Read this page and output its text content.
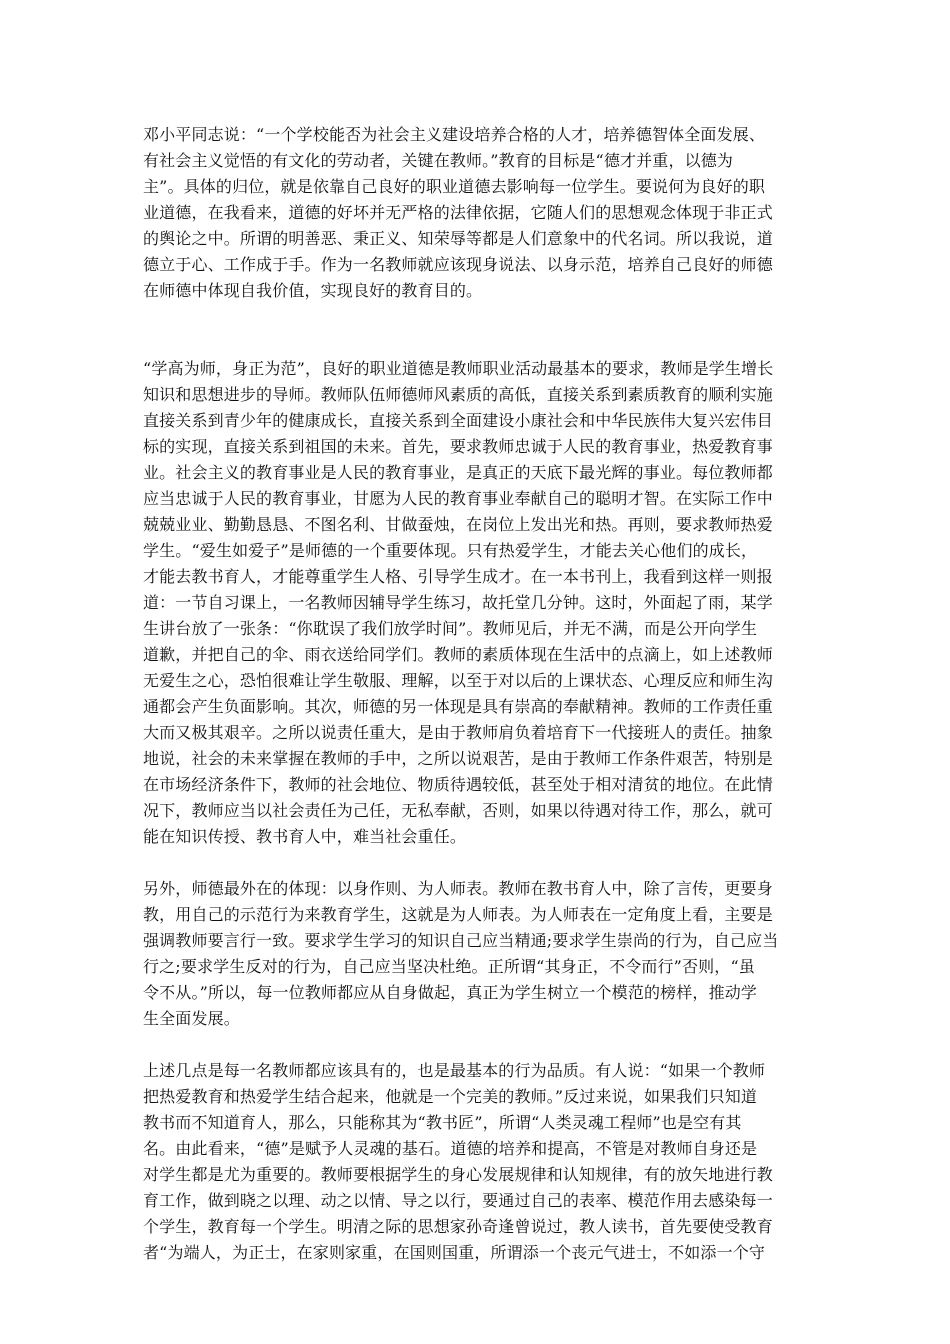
邓小平同志说：“一个学校能否为社会主义建设培养合格的人才，培养德智体全面发展、
有社会主义觉悟的有文化的劳动者，关键在教师。”教育的目标是“德才并重，以德为
主”。具体的归位，就是依靠自己良好的职业道德去影响每一位学生。要说何为良好的职
业道德，在我看来，道德的好坏并无严格的法律依据，它随人们的思想观念体现于非正式
的舆论之中。所谓的明善恶、秉正义、知荣辱等都是人们意象中的代名词。所以我说，道
德立于心、工作成于手。作为一名教师就应该现身说法、以身示范，培养自己良好的师德
在师德中体现自我价值，实现良好的教育目的。

“学高为师，身正为范”，良好的职业道德是教师职业活动最基本的要求，教师是学生增长
知识和思想进步的导师。教师队伍师德师风素质的高低，直接关系到素质教育的顺利实施
直接关系到青少年的健康成长，直接关系到全面建设小康社会和中华民族伟大复兴宏伟目
标的实现，直接关系到祖国的未来。首先，要求教师忠诚于人民的教育事业，热爱教育事
业。社会主义的教育事业是人民的教育事业，是真正的天底下最光辉的事业。每位教师都
应当忠诚于人民的教育事业，甘愿为人民的教育事业奉献自己的聪明才智。在实际工作中
兢兢业业、勤勤恳恳、不图名利、甘做蚕烛，在岗位上发出光和热。再则，要求教师热爱
学生。“爱生如爱子”是师德的一个重要体现。只有热爱学生，才能去关心他们的成长，
才能去教书育人，才能尊重学生人格、引导学生成才。在一本书刊上，我看到这样一则报
道：一节自习课上，一名教师因辅导学生练习，故托堂几分钟。这时，外面起了雨，某学
生讲台放了一张条：“你耽误了我们放学时间”。教师见后，并无不满，而是公开向学生
道歉，并把自己的伞、雨衣送给同学们。教师的素质体现在生活中的点滴上，如上述教师
无爱生之心，恐怕很难让学生敬服、理解，以至于对以后的上课状态、心理反应和师生沟
通都会产生负面影响。其次，师德的另一体现是具有崇高的奉献精神。教师的工作责任重
大而又极其艰辛。之所以说责任重大，是由于教师肩负着培育下一代接班人的责任。抽象
地说，社会的未来掌握在教师的手中，之所以说艰苦，是由于教师工作条件艰苦，特别是
在市场经济条件下，教师的社会地位、物质待遇较低，甚至处于相对清贫的地位。在此情
况下，教师应当以社会责任为己任，无私奉献，否则，如果以待遇对待工作，那么，就可
能在知识传授、教书育人中，难当社会重任。

另外，师德最外在的体现：以身作则、为人师表。教师在教书育人中，除了言传，更要身
教，用自己的示范行为来教育学生，这就是为人师表。为人师表在一定角度上看，主要是
强调教师要言行一致。要求学生学习的知识自己应当精通;要求学生崇尚的行为，自己应当
行之;要求学生反对的行为，自己应当坚决杜绝。正所谓“其身正，不令而行”否则，“虽
令不从。”所以，每一位教师都应从自身做起，真正为学生树立一个模范的榜样，推动学
生全面发展。

上述几点是每一名教师都应该具有的，也是最基本的行为品质。有人说：“如果一个教师
把热爱教育和热爱学生结合起来，他就是一个完美的教师。”反过来说，如果我们只知道
教书而不知道育人，那么，只能称其为“教书匠”，所谓“人类灵魂工程师”也是空有其
名。由此看来，“德”是赋予人灵魂的基石。道德的培养和提高，不管是对教师自身还是
对学生都是尤为重要的。教师要根据学生的身心发展规律和认知规律，有的放矢地进行教
育工作，做到晓之以理、动之以情、导之以行，要通过自己的表率、模范作用去感染每一
个学生，教育每一个学生。明清之际的思想家孙奇逢曾说过，教人读书，首先要使受教育
者“为端人，为正士，在家则家重，在国则国重，所谓添一个丧元气进士，不如添一个守
